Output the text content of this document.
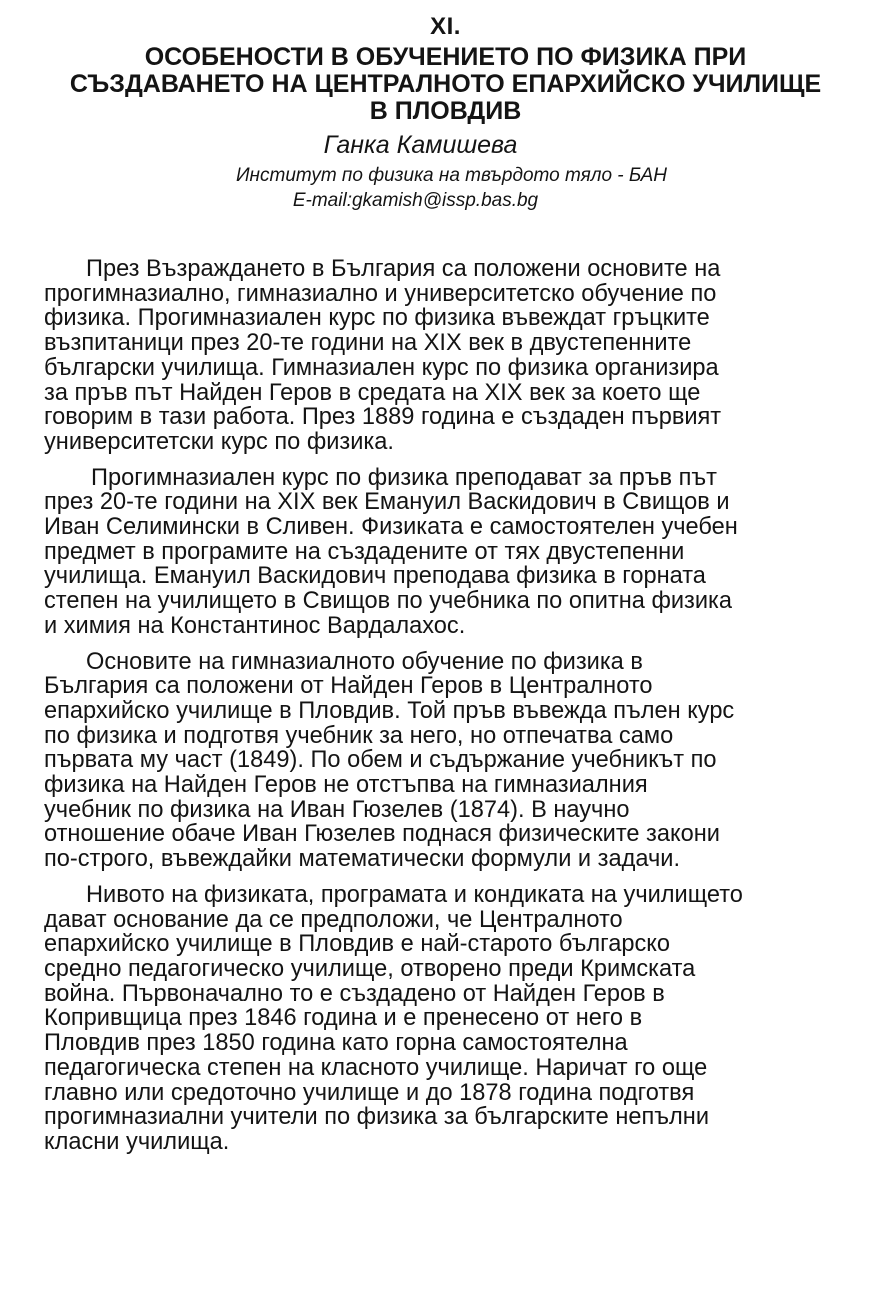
XI.

ОСОБЕНОСТИ В ОБУЧЕНИЕТО ПО ФИЗИКА ПРИ СЪЗДАВАНЕТО НА ЦЕНТРАЛНОТО ЕПАРХИЙСКО УЧИЛИЩЕ В ПЛОВДИВ

Ганка Камишева

Институт по физика на твърдото тяло - БАН

E-mail:gkamish@issp.bas.bg

През Възраждането в България са положени основите на
прогимназиално, гимназиално и университетско обучение по
физика. Прогимназиален курс по физика въвеждат гръцките
възпитаници през 20-те години на XIX век в двустепенните
български училища. Гимназиален курс по физика организира
за пръв път Найден Геров в средата на XIX век за което ще
говорим в тази работа. През 1889 година е създаден първият
университетски курс по физика.

Прогимназиален курс по физика преподават за пръв път
през 20-те години на XIX век Емануил Васкидович в Свищов и
Иван Селимински в Сливен. Физиката е самостоятелен учебен
предмет в програмите на създадените от тях двустепенни
училища. Емануил Васкидович преподава физика в горната
степен на училището в Свищов по учебника по опитна физика
и химия на Константинос Вардалахос.

Основите на гимназиалното обучение по физика в
България са положени от Найден Геров в Централното
епархийско училище в Пловдив. Той пръв въвежда пълен курс
по физика и подготвя учебник за него, но отпечатва само
първата му част (1849). По обем и съдържание учебникът по
физика на Найден Геров не отстъпва на гимназиалния
учебник по физика на Иван Гюзелев (1874). В научно
отношение обаче Иван Гюзелев поднася физическите закони
по-строго, въвеждайки математически формули и задачи.

Нивото на физиката, програмата и кондиката на училището
дават основание да се предположи, че Централното
епархийско училище в Пловдив е най-старото българско
средно педагогическо училище, отворено преди Кримската
война. Първоначално то е създадено от Найден Геров в
Копривщица през 1846 година и е пренесено от него в
Пловдив през 1850 година като горна самостоятелна
педагогическа степен на класното училище. Наричат го още
главно или средоточно училище и до 1878 година подготвя
прогимназиални учители по физика за българските непълни
класни училища.
